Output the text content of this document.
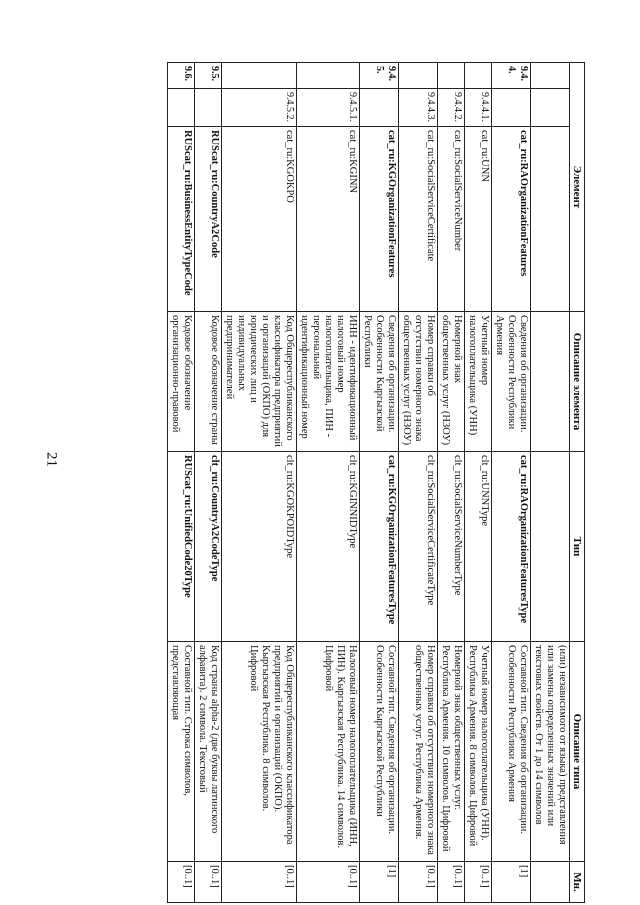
21
Элемент			Описание элемента	Тип	Описание типа	Мн.
					(или) независимого от языка) представления или замены определенных значений или текстовых свойств. От 1 до 14 символов	
9.4.4.		cat_ru:RAOrganizationFeatures	Сведения об организации. Особенности Республики Армения	cat_ru:RAOrganizationFeaturesType	Составной тип. Сведения об организации. Особенности Республики Армения	[1]
	9.4.4.1.	cat_ru:UNN	Учетный номер налогоплательщика (УНН)	clt_ru:UNNType	Учетный номер налогоплательщика (УНН). Республика Армения. 8 символов. Цифровой	[0..1]
	9.4.4.2.	cat_ru:SocialServiceNumber	Номерной знак общественных услуг (НЗОУ)	clt_ru:SocialServiceNumberType	Номерной знак общественных услуг. Республика Армения. 10 символов. Цифровой	[0..1]
	9.4.4.3.	cat_ru:SocialServiceCertificate	Номер справки об отсутствии номерного знака общественных услуг (НЗОУ)	clt_ru:SocialServiceCertificateType	Номер справки об отсутствии номерного знака общественных услуг. Республика Армения.	[0..1]
9.4.5.		cat_ru:KGOrganizationFeatures	Сведения об организации. Особенности Кыргызской Республики	cat_ru:KGOrganizationFeaturesType	Составной тип. Сведения об организации. Особенности Кыргызской Республики	[1]
	9.4.5.1.	cat_ru:KGINN	ИНН - идентификационный налоговый номер налогоплательщика, ПИН - персональный идентификационный номер	clt_ru:KGINNIDType	Налоговый номер налогоплательщика (ИНН, ПИН). Кыргызская Республика. 14 символов. Цифровой	[0..1]
	9.4.5.2.	cat_ru:KGOKPO	Код Общереспубликанского классификатора предприятий и организаций (ОКПО) для юридических лиц и индивидуальных предпринимателей	clt_ru:KGOKPOIDType	Код Общереспубликанского классификатора предприятий и организаций (ОКПО). Кыргызская Республика. 8 символов. Цифровой	[0..1]
9.5.		RUScat_ru:CountryA2Code	Кодовое обозначение страны	clt_ru:CountryA2CodeType	Код страны alpha-2 (две буквы латинского алфавита). 2 символа. Текстовый	[0..1]
9.6.		RUScat_ru:BusinessEntityTypeCode	Кодовое обозначение организационно-правовой	RUScat_ru:UnifiedCode20Type	Составной тип. Строка символов, представляющая	[0..1]
